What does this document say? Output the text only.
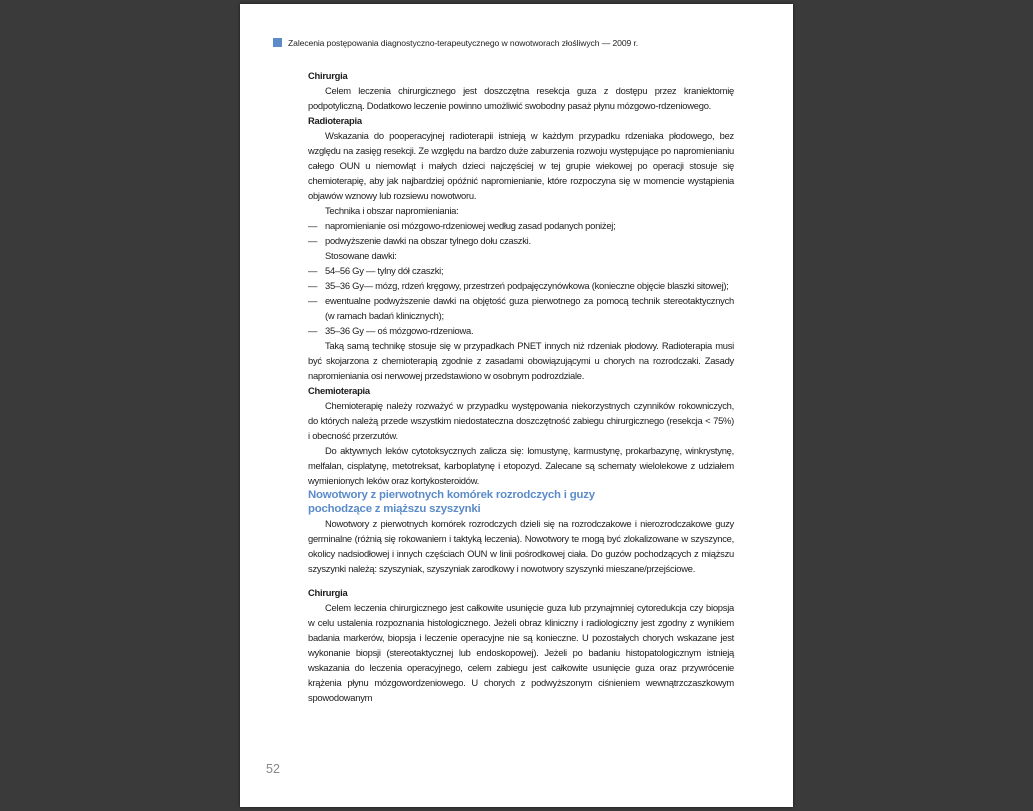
Zalecenia postępowania diagnostyczno-terapeutycznego w nowotworach złośliwych — 2009 r.

Chirurgia

Celem leczenia chirurgicznego jest doszczętna resekcja guza z dostępu przez kraniektomię podpotyliczną. Dodatkowo leczenie powinno umożliwić swobodny pasaż płynu mózgowo-rdzeniowego.

Radioterapia

Wskazania do pooperacyjnej radioterapii istnieją w każdym przypadku rdzeniaka płodowego, bez względu na zasięg resekcji. Ze względu na bardzo duże zaburzenia rozwoju występujące po napromienianiu całego OUN u niemowląt i małych dzieci najczęściej w tej grupie wiekowej po operacji stosuje się chemioterapię, aby jak najbardziej opóźnić napromienianie, które rozpoczyna się w momencie wystąpienia objawów wznowy lub rozsiewu nowotworu.

Technika i obszar napromieniania:

— napromienianie osi mózgowo-rdzeniowej według zasad podanych poniżej;

— podwyższenie dawki na obszar tylnego dołu czaszki.

Stosowane dawki:

— 54–56 Gy — tylny dół czaszki;

— 35–36 Gy— mózg, rdzeń kręgowy, przestrzeń podpajęczynówkowa (konieczne objęcie blaszki sitowej);

— ewentualne podwyższenie dawki na objętość guza pierwotnego za pomocą technik stereotaktycznych (w ramach badań klinicznych);

— 35–36 Gy — oś mózgowo-rdzeniowa.

Taką samą technikę stosuje się w przypadkach PNET innych niż rdzeniak płodowy. Radioterapia musi być skojarzona z chemioterapią zgodnie z zasadami obowiązującymi u chorych na rozrodczaki. Zasady napromieniania osi nerwowej przedstawiono w osobnym podrozdziale.

Chemioterapia

Chemioterapię należy rozważyć w przypadku występowania niekorzystnych czynników rokowniczych, do których należą przede wszystkim niedostateczna doszczętność zabiegu chirurgicznego (resekcja < 75%) i obecność przerzutów.

Do aktywnych leków cytotoksycznych zalicza się: lomustynę, karmustynę, prokarbazynę, winkrystynę, melfalan, cisplatynę, metotreksat, karboplatynę i etopozyd. Zalecane są schematy wielolekowe z udziałem wymienionych leków oraz kortykosteroidów.

Nowotwory z pierwotnych komórek rozrodczych i guzy
pochodzące z miąższu szyszynki

Nowotwory z pierwotnych komórek rozrodczych dzieli się na rozrodczakowe i nierozrodczakowe guzy germinalne (różnią się rokowaniem i taktyką leczenia). Nowotwory te mogą być zlokalizowane w szyszynce, okolicy nadsiodłowej i innych częściach OUN w linii pośrodkowej ciała. Do guzów pochodzących z miąższu szyszynki należą: szyszyniak, szyszyniak zarodkowy i nowotwory szyszynki mieszane/przejściowe.

Chirurgia

Celem leczenia chirurgicznego jest całkowite usunięcie guza lub przynajmniej cytoredukcja czy biopsja w celu ustalenia rozpoznania histologicznego. Jeżeli obraz kliniczny i radiologiczny jest zgodny z wynikiem badania markerów, biopsja i leczenie operacyjne nie są konieczne. U pozostałych chorych wskazane jest wykonanie biopsji (stereotaktycznej lub endoskopowej). Jeżeli po badaniu histopatologicznym istnieją wskazania do leczenia operacyjnego, celem zabiegu jest całkowite usunięcie guza oraz przywrócenie krążenia płynu mózgowordzeniowego. U chorych z podwyższonym ciśnieniem wewnątrzczaszkowym spowodowanym

52
